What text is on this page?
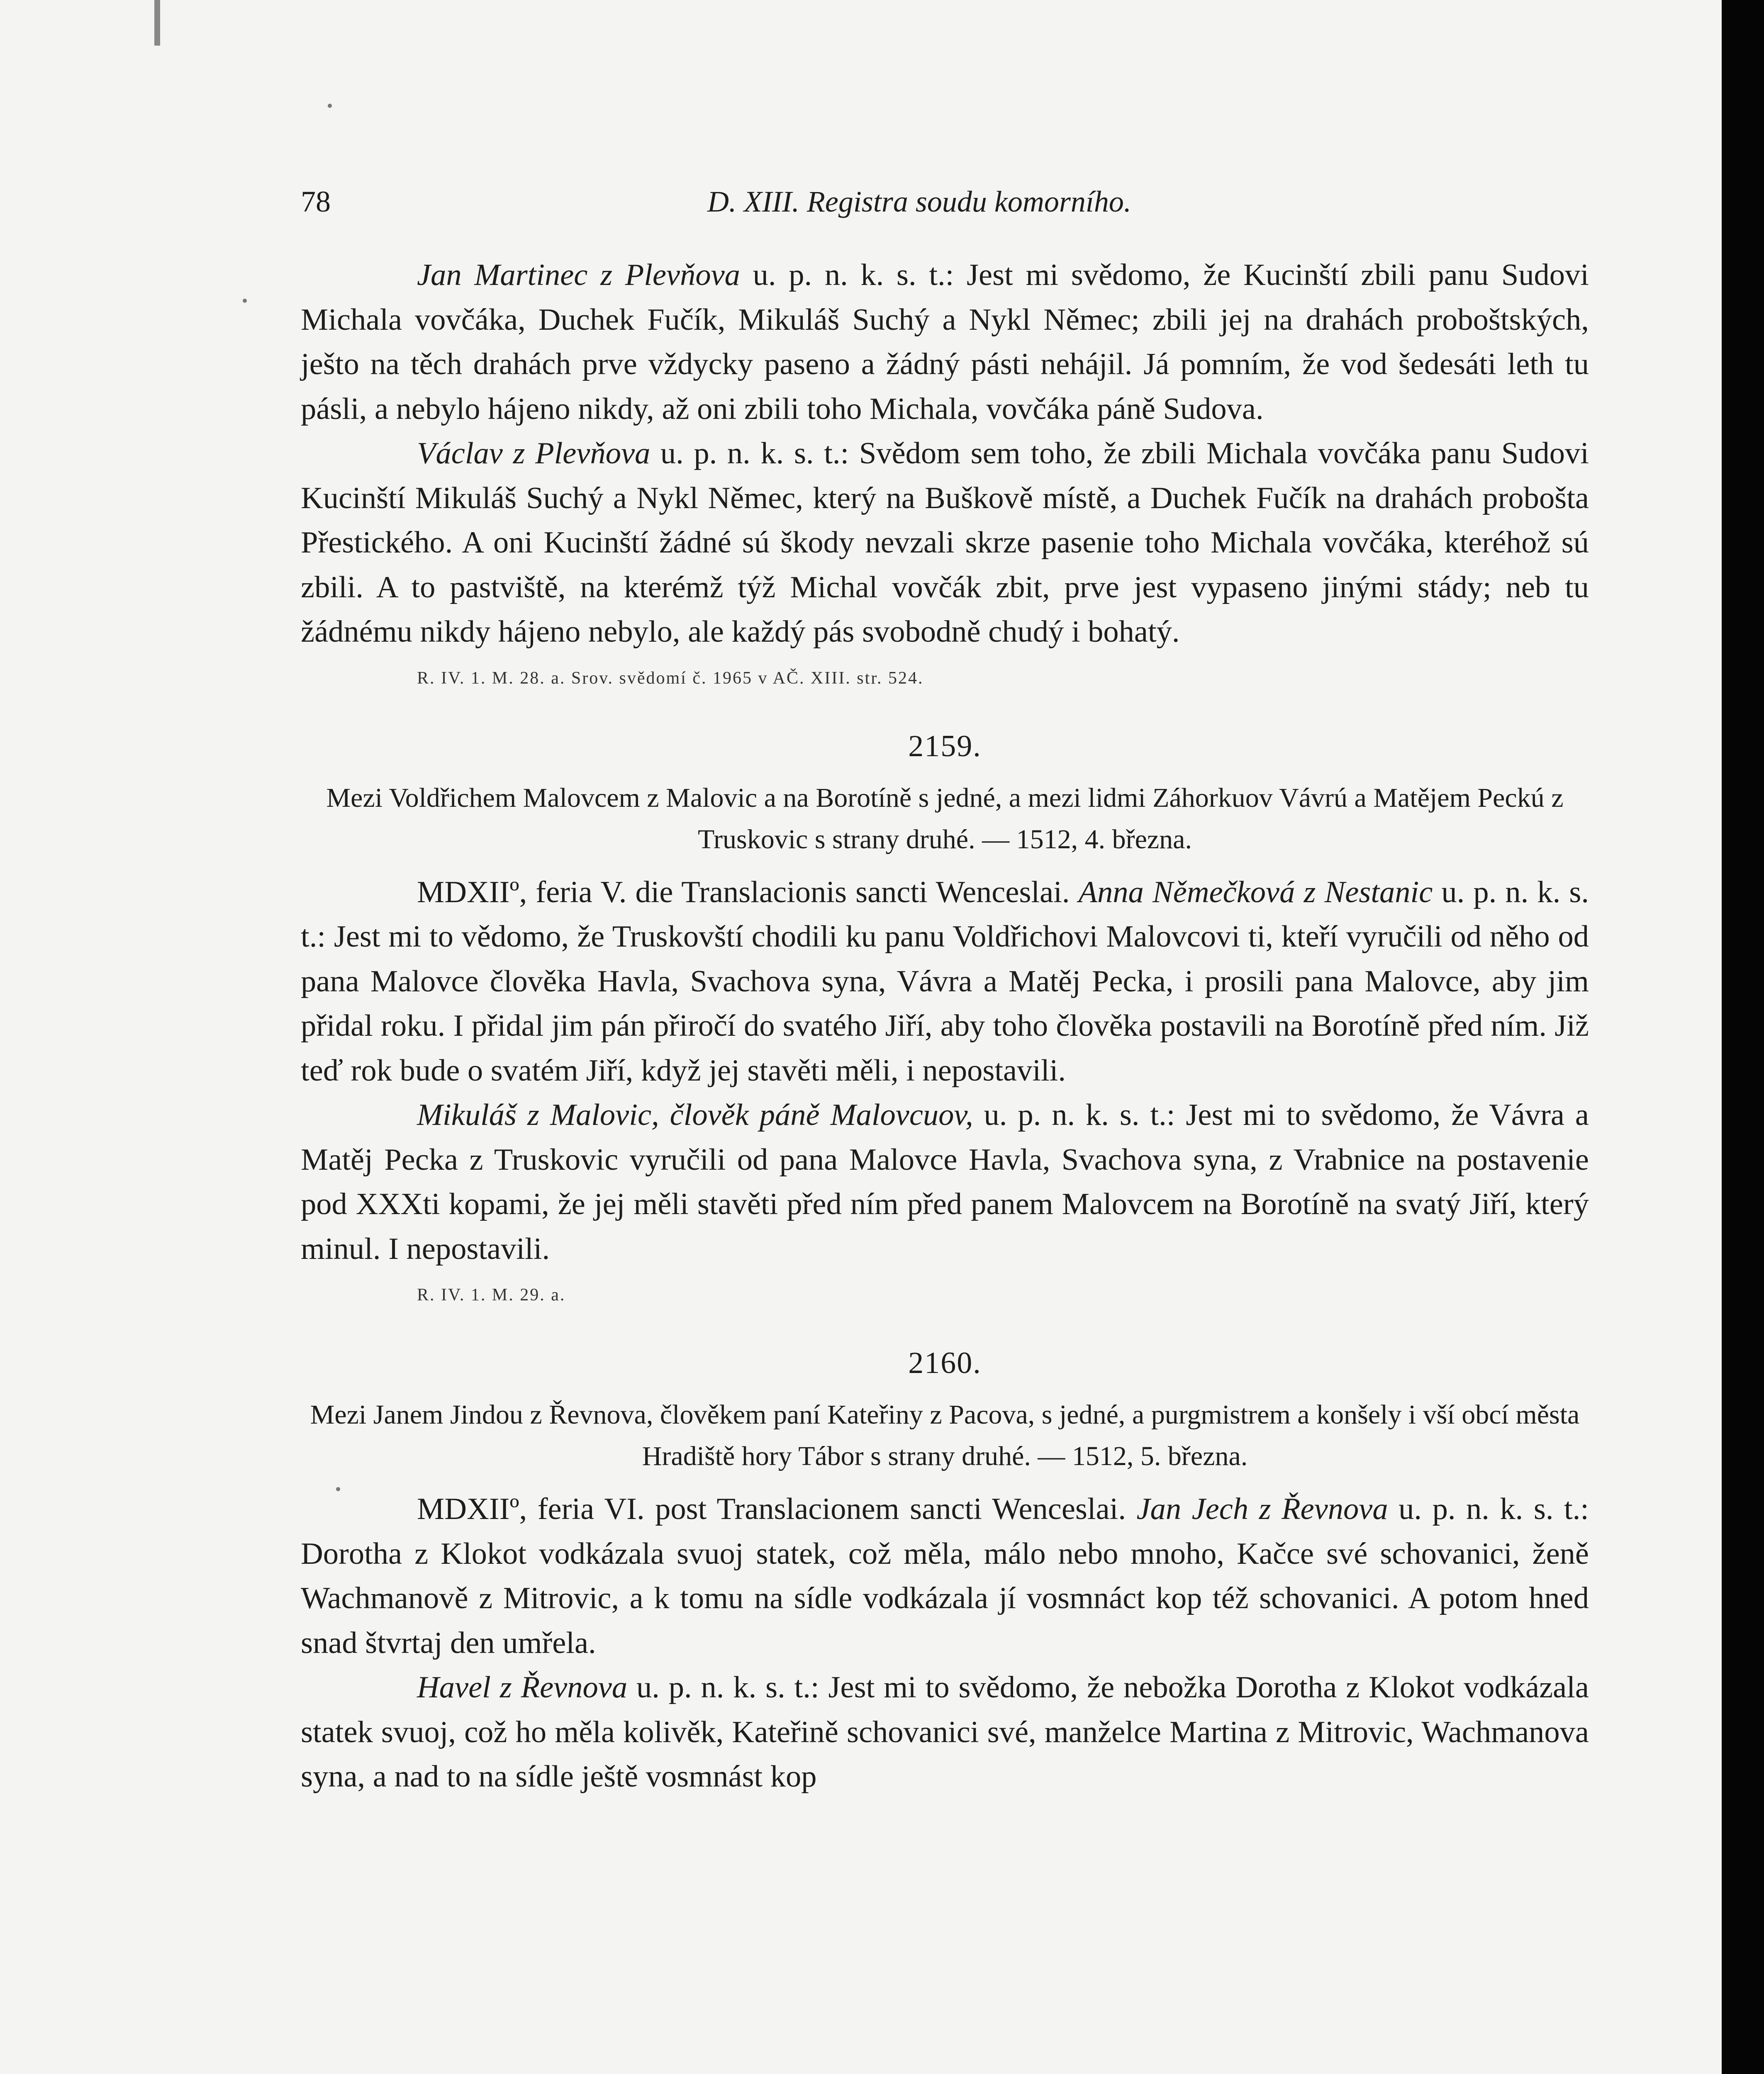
78	D. XIII. Registra soudu komorního.

Jan Martinec z Plevňova u. p. n. k. s. t.: Jest mi svědomo, že Kucinští zbili panu Sudovi Michala vovčáka, Duchek Fučík, Mikuláš Suchý a Nykl Němec; zbili jej na drahách proboštských, ješto na těch drahách prve vždycky paseno a žádný pásti nehájil. Já pomním, že vod šedesáti leth tu pásli, a nebylo hájeno nikdy, až oni zbili toho Michala, vovčáka páně Sudova.

Václav z Plevňova u. p. n. k. s. t.: Svědom sem toho, že zbili Michala vovčáka panu Sudovi Kucinští Mikuláš Suchý a Nykl Němec, který na Buškově místě, a Duchek Fučík na drahách probošta Přestického. A oni Kucinští žádné sú škody nevzali skrze pasenie toho Michala vovčáka, kteréhož sú zbili. A to pastviště, na kterémž týž Michal vovčák zbit, prve jest vypaseno jinými stády; neb tu žádnému nikdy hájeno nebylo, ale každý pás svobodně chudý i bohatý.

R. IV. 1. M. 28. a. Srov. svědomí č. 1965 v AČ. XIII. str. 524.

2159.
Mezi Voldřichem Malovcem z Malovic a na Borotíně s jedné, a mezi lidmi Záhorkuov Vávrú a Matějem Peckú z Truskovic s strany druhé. — 1512, 4. března.

MDXIIº, feria V. die Translacionis sancti Wenceslai. Anna Němečková z Nestanic u. p. n. k. s. t.: Jest mi to vědomo, že Truskovští chodili ku panu Voldřichovi Malovcovi ti, kteří vyručili od něho od pana Malovce člověka Havla, Svachova syna, Vávra a Matěj Pecka, i prosili pana Malovce, aby jim přidal roku. I přidal jim pán přiročí do svatého Jiří, aby toho člověka postavili na Borotíně před ním. Již teď rok bude o svatém Jiří, když jej stavěti měli, i nepostavili.

Mikuláš z Malovic, člověk páně Malovcuov, u. p. n. k. s. t.: Jest mi to svědomo, že Vávra a Matěj Pecka z Truskovic vyručili od pana Malovce Havla, Svachova syna, z Vrabnice na postavenie pod XXXti kopami, že jej měli stavěti před ním před panem Malovcem na Borotíně na svatý Jiří, který minul. I nepostavili.

R. IV. 1. M. 29. a.

2160.
Mezi Janem Jindou z Řevnova, člověkem paní Kateřiny z Pacova, s jedné, a purgmistrem a konšely i vší obcí města Hradiště hory Tábor s strany druhé. — 1512, 5. března.

MDXIIº, feria VI. post Translacionem sancti Wenceslai. Jan Jech z Řevnova u. p. n. k. s. t.: Dorotha z Klokot vodkázala svuoj statek, což měla, málo nebo mnoho, Kačce své schovanici, ženě Wachmanově z Mitrovic, a k tomu na sídle vodkázala jí vosmnáct kop též schovanici. A potom hned snad štvrtaj den umřela.

Havel z Řevnova u. p. n. k. s. t.: Jest mi to svědomo, že nebožka Dorotha z Klokot vodkázala statek svuoj, což ho měla kolivěk, Kateřině schovanici své, manželce Martina z Mitrovic, Wachmanova syna, a nad to na sídle ještě vosmnást kop
